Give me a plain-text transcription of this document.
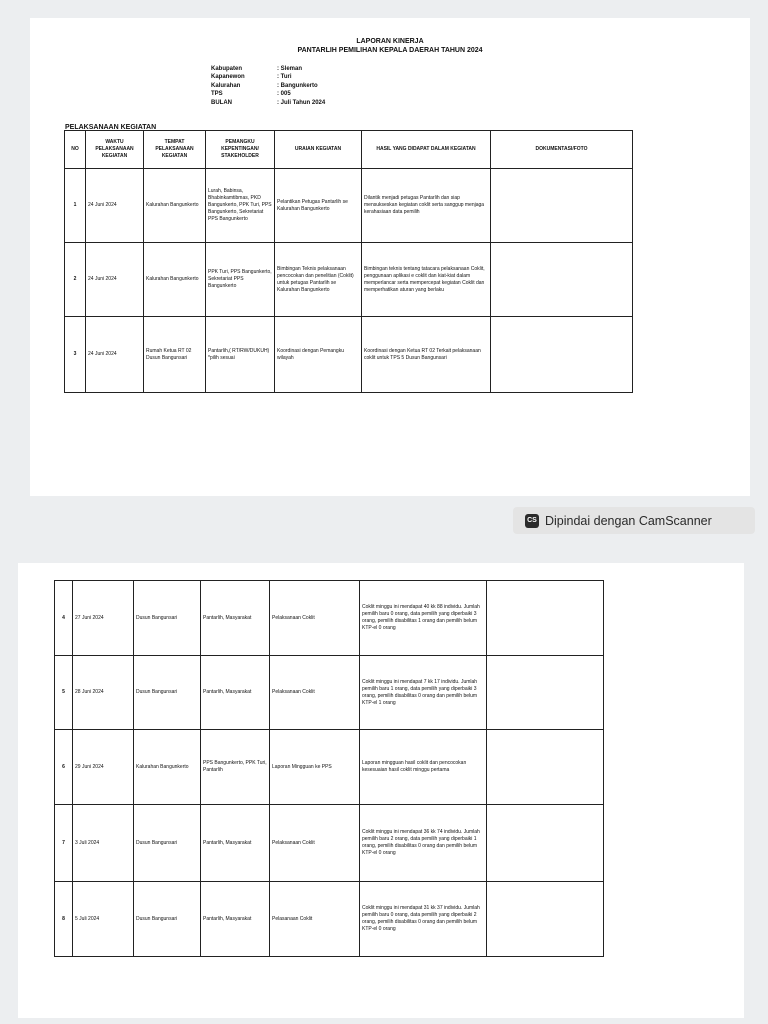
LAPORAN KINERJA
PANTARLIH PEMILIHAN KEPALA DAERAH TAHUN 2024
Kabupaten	: Sleman
Kapanewon	: Turi
Kalurahan	: Bangunkerto
TPS	: 005
BULAN	: Juli Tahun 2024
PELAKSANAAN KEGIATAN
NO	WAKTU PELAKSANAAN KEGIATAN	TEMPAT PELAKSANAAN KEGIATAN	PEMANGKU KEPENTINGAN/ STAKEHOLDER	URAIAN KEGIATAN	HASIL YANG DIDAPAT DALAM KEGIATAN	DOKUMENTASI/FOTO
1	24 Juni 2024	Kalurahan Bangunkerto	Lurah, Babinsa, Bhabinkamtibmas, PKD Bangunkerto, PPK Turi, PPS Bangunkerto, Sekretariat PPS Bangunkerto	Pelantikan Petugas Pantarlih se Kalurahan Bangunkerto	Dilantik menjadi petugas Pantarlih dan siap mensukseskan kegiatan coklit serta sanggup menjaga kerahasiaan data pemilih	
2	24 Juni 2024	Kalurahan Bangunkerto	PPK Turi, PPS Bangunkerto, Sekretariat PPS Bangunkerto	Bimbingan Teknis pelaksanaan pencocokan dan penelitian (Coklit) untuk petugas Pantarlih se Kalurahan Bangunkerto	Bimbingan teknis tentang tatacara pelaksanaan Coklit, penggunaan aplikasi e coklit dan kiat-kiat dalam memperlancar serta mempercepat kegiatan Coklit dan memperhatikan aturan yang berlaku	
3	24 Juni 2024	Rumah Ketua RT 02 Dusun Bangunsari	Pantarlih,( RT/RW/DUKUH) *pilih sesuai	Koordinasi dengan Pemangku wilayah	Koordinasi dengan Ketua RT 02 Terkait pelaksanaan coklit untuk TPS 5 Dusun Bangunsari	
CS Dipindai dengan CamScanner
4	27 Juni 2024	Dusun Bangunsari	Pantarlih, Masyarakat	Pelaksanaan Coklit	Coklit minggu ini mendapat 40 kk 88 individu. Jumlah pemilih baru 0 orang, data pemilih yang diperbaiki 3 orang, pemilih disabilitas 1 orang dan pemilih belum KTP-el 0 orang	
5	28 Juni 2024	Dusun Bangunsari	Pantarlih, Masyarakat	Pelaksanaan Coklit	Coklit minggu ini mendapat 7 kk 17 individu. Jumlah pemilih baru 1 orang, data pemilih yang diperbaiki 3 orang, pemilih disabilitas 0 orang dan pemilih belum KTP-el 1 orang	
6	29 Juni 2024	Kalurahan Bangunkerto	PPS Bangunkerto, PPK Turi, Pantarlih	Laporan Mingguan ke PPS	Laporan mingguan hasil coklit dan pencocokan kesesuaian hasil coklit minggu pertama	
7	3 Juli 2024	Dusun Bangunsari	Pantarlih, Masyarakat	Pelaksanaan Coklit	Coklit minggu ini mendapat 36 kk 74 individu. Jumlah pemilih baru 2 orang, data pemilih yang diperbaiki 1 orang, pemilih disabilitas 0 orang dan pemilih belum KTP-el 0 orang	
8	5 Juli 2024	Dusun Bangunsari	Pantarlih, Masyarakat	Pelasanaan Coklit	Coklit minggu ini mendapat 31 kk 37 individu. Jumlah pemilih baru 0 orang, data pemilih yang diperbaiki 2 orang, pemilih disabilitas 0 orang dan pemilih belum KTP-el 0 orang	
